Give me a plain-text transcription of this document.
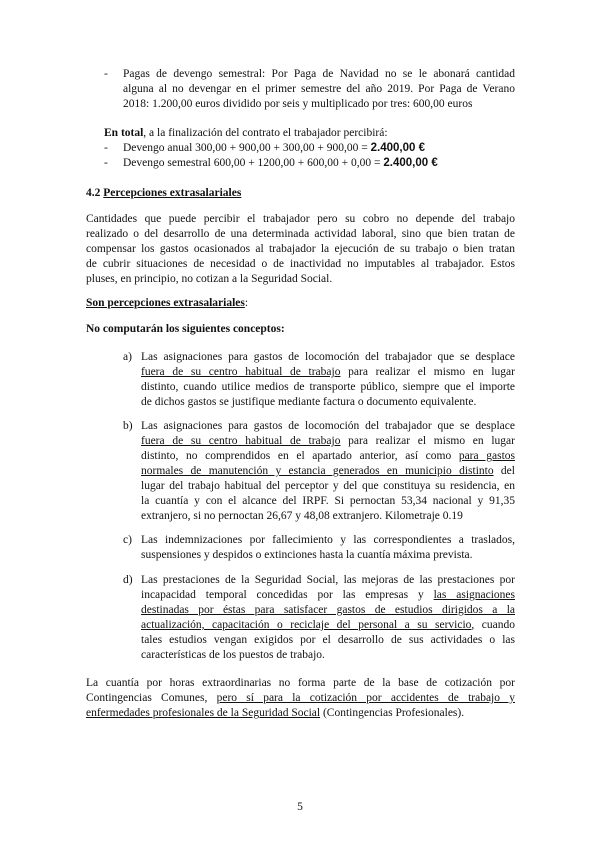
- Pagas de devengo semestral: Por Paga de Navidad no se le abonará cantidad

alguna al no devengar en el primer semestre del año 2019. Por Paga de Verano

2018: 1.200,00 euros dividido por seis y multiplicado por tres: 600,00 euros

En total, a la finalización del contrato el trabajador percibirá:

- Devengo anual 300,00 + 900,00 + 300,00 + 900,00 = 2.400,00 €
- Devengo semestral 600,00 + 1200,00 + 600,00 + 0,00 = 2.400,00 €

4.2 Percepciones extrasalariales

Cantidades que puede percibir el trabajador pero su cobro no depende del trabajo

realizado o del desarrollo de una determinada actividad laboral, sino que bien tratan de

compensar los gastos ocasionados al trabajador la ejecución de su trabajo o bien tratan

de cubrir situaciones de necesidad o de inactividad no imputables al trabajador. Estos

pluses, en principio, no cotizan a la Seguridad Social.

Son percepciones extrasalariales:

No computarán los siguientes conceptos:

a) Las asignaciones para gastos de locomoción del trabajador que se desplace

fuera de su centro habitual de trabajo para realizar el mismo en lugar

distinto, cuando utilice medios de transporte público, siempre que el importe

de dichos gastos se justifique mediante factura o documento equivalente.

b) Las asignaciones para gastos de locomoción del trabajador que se desplace

fuera de su centro habitual de trabajo para realizar el mismo en lugar

distinto, no comprendidos en el apartado anterior, así como para gastos

normales de manutención y estancia generados en municipio distinto del

lugar del trabajo habitual del perceptor y del que constituya su residencia, en

la cuantía y con el alcance del IRPF. Si pernoctan 53,34 nacional y 91,35

extranjero, si no pernoctan 26,67 y 48,08 extranjero. Kilometraje 0.19

c) Las indemnizaciones por fallecimiento y las correspondientes a traslados,

suspensiones y despidos o extinciones hasta la cuantía máxima prevista.

d) Las prestaciones de la Seguridad Social, las mejoras de las prestaciones por

incapacidad temporal concedidas por las empresas y las asignaciones

destinadas por éstas para satisfacer gastos de estudios dirigidos a la

actualización, capacitación o reciclaje del personal a su servicio, cuando

tales estudios vengan exigidos por el desarrollo de sus actividades o las

características de los puestos de trabajo.

La cuantía por horas extraordinarias no forma parte de la base de cotización por

Contingencias Comunes, pero sí para la cotización por accidentes de trabajo y

enfermedades profesionales de la Seguridad Social (Contingencias Profesionales).

5
